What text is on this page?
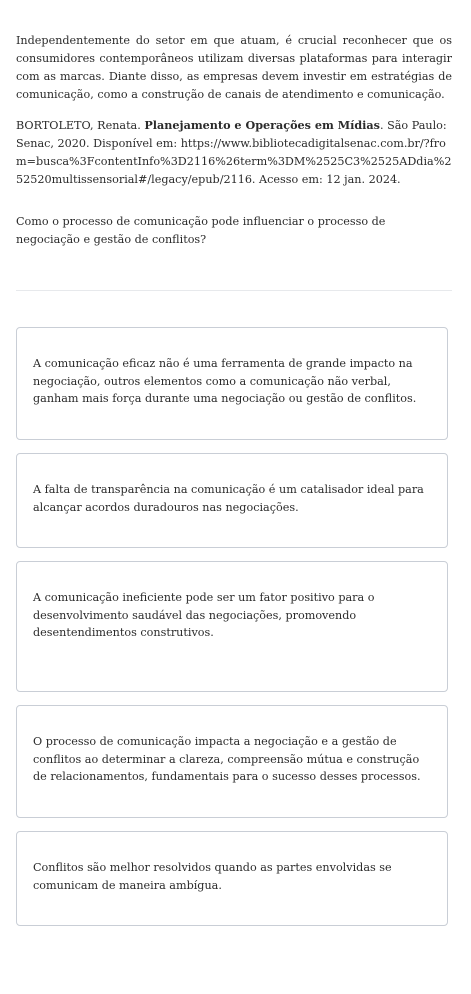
Independentemente do setor em que atuam, é crucial reconhecer que os consumidores contemporâneos utilizam diversas plataformas para interagir com as marcas. Diante disso, as empresas devem investir em estratégias de comunicação, como a construção de canais de atendimento e comunicação.

BORTOLETO, Renata. Planejamento e Operações em Mídias. São Paulo: Senac, 2020. Disponível em: https://www.bibliotecadigitalsenac.com.br/?from=busca%3FcontentInfo%3D2116%26term%3DM%2525C3%2525ADdia%252520multissensorial#/legacy/epub/2116. Acesso em: 12 jan. 2024.

Como o processo de comunicação pode influenciar o processo de negociação e gestão de conflitos?

A comunicação eficaz não é uma ferramenta de grande impacto na negociação, outros elementos como a comunicação não verbal, ganham mais força durante uma negociação ou gestão de conflitos.

A falta de transparência na comunicação é um catalisador ideal para alcançar acordos duradouros nas negociações.

A comunicação ineficiente pode ser um fator positivo para o desenvolvimento saudável das negociações, promovendo desentendimentos construtivos.

O processo de comunicação impacta a negociação e a gestão de conflitos ao determinar a clareza, compreensão mútua e construção de relacionamentos, fundamentais para o sucesso desses processos.

Conflitos são melhor resolvidos quando as partes envolvidas se comunicam de maneira ambígua.
